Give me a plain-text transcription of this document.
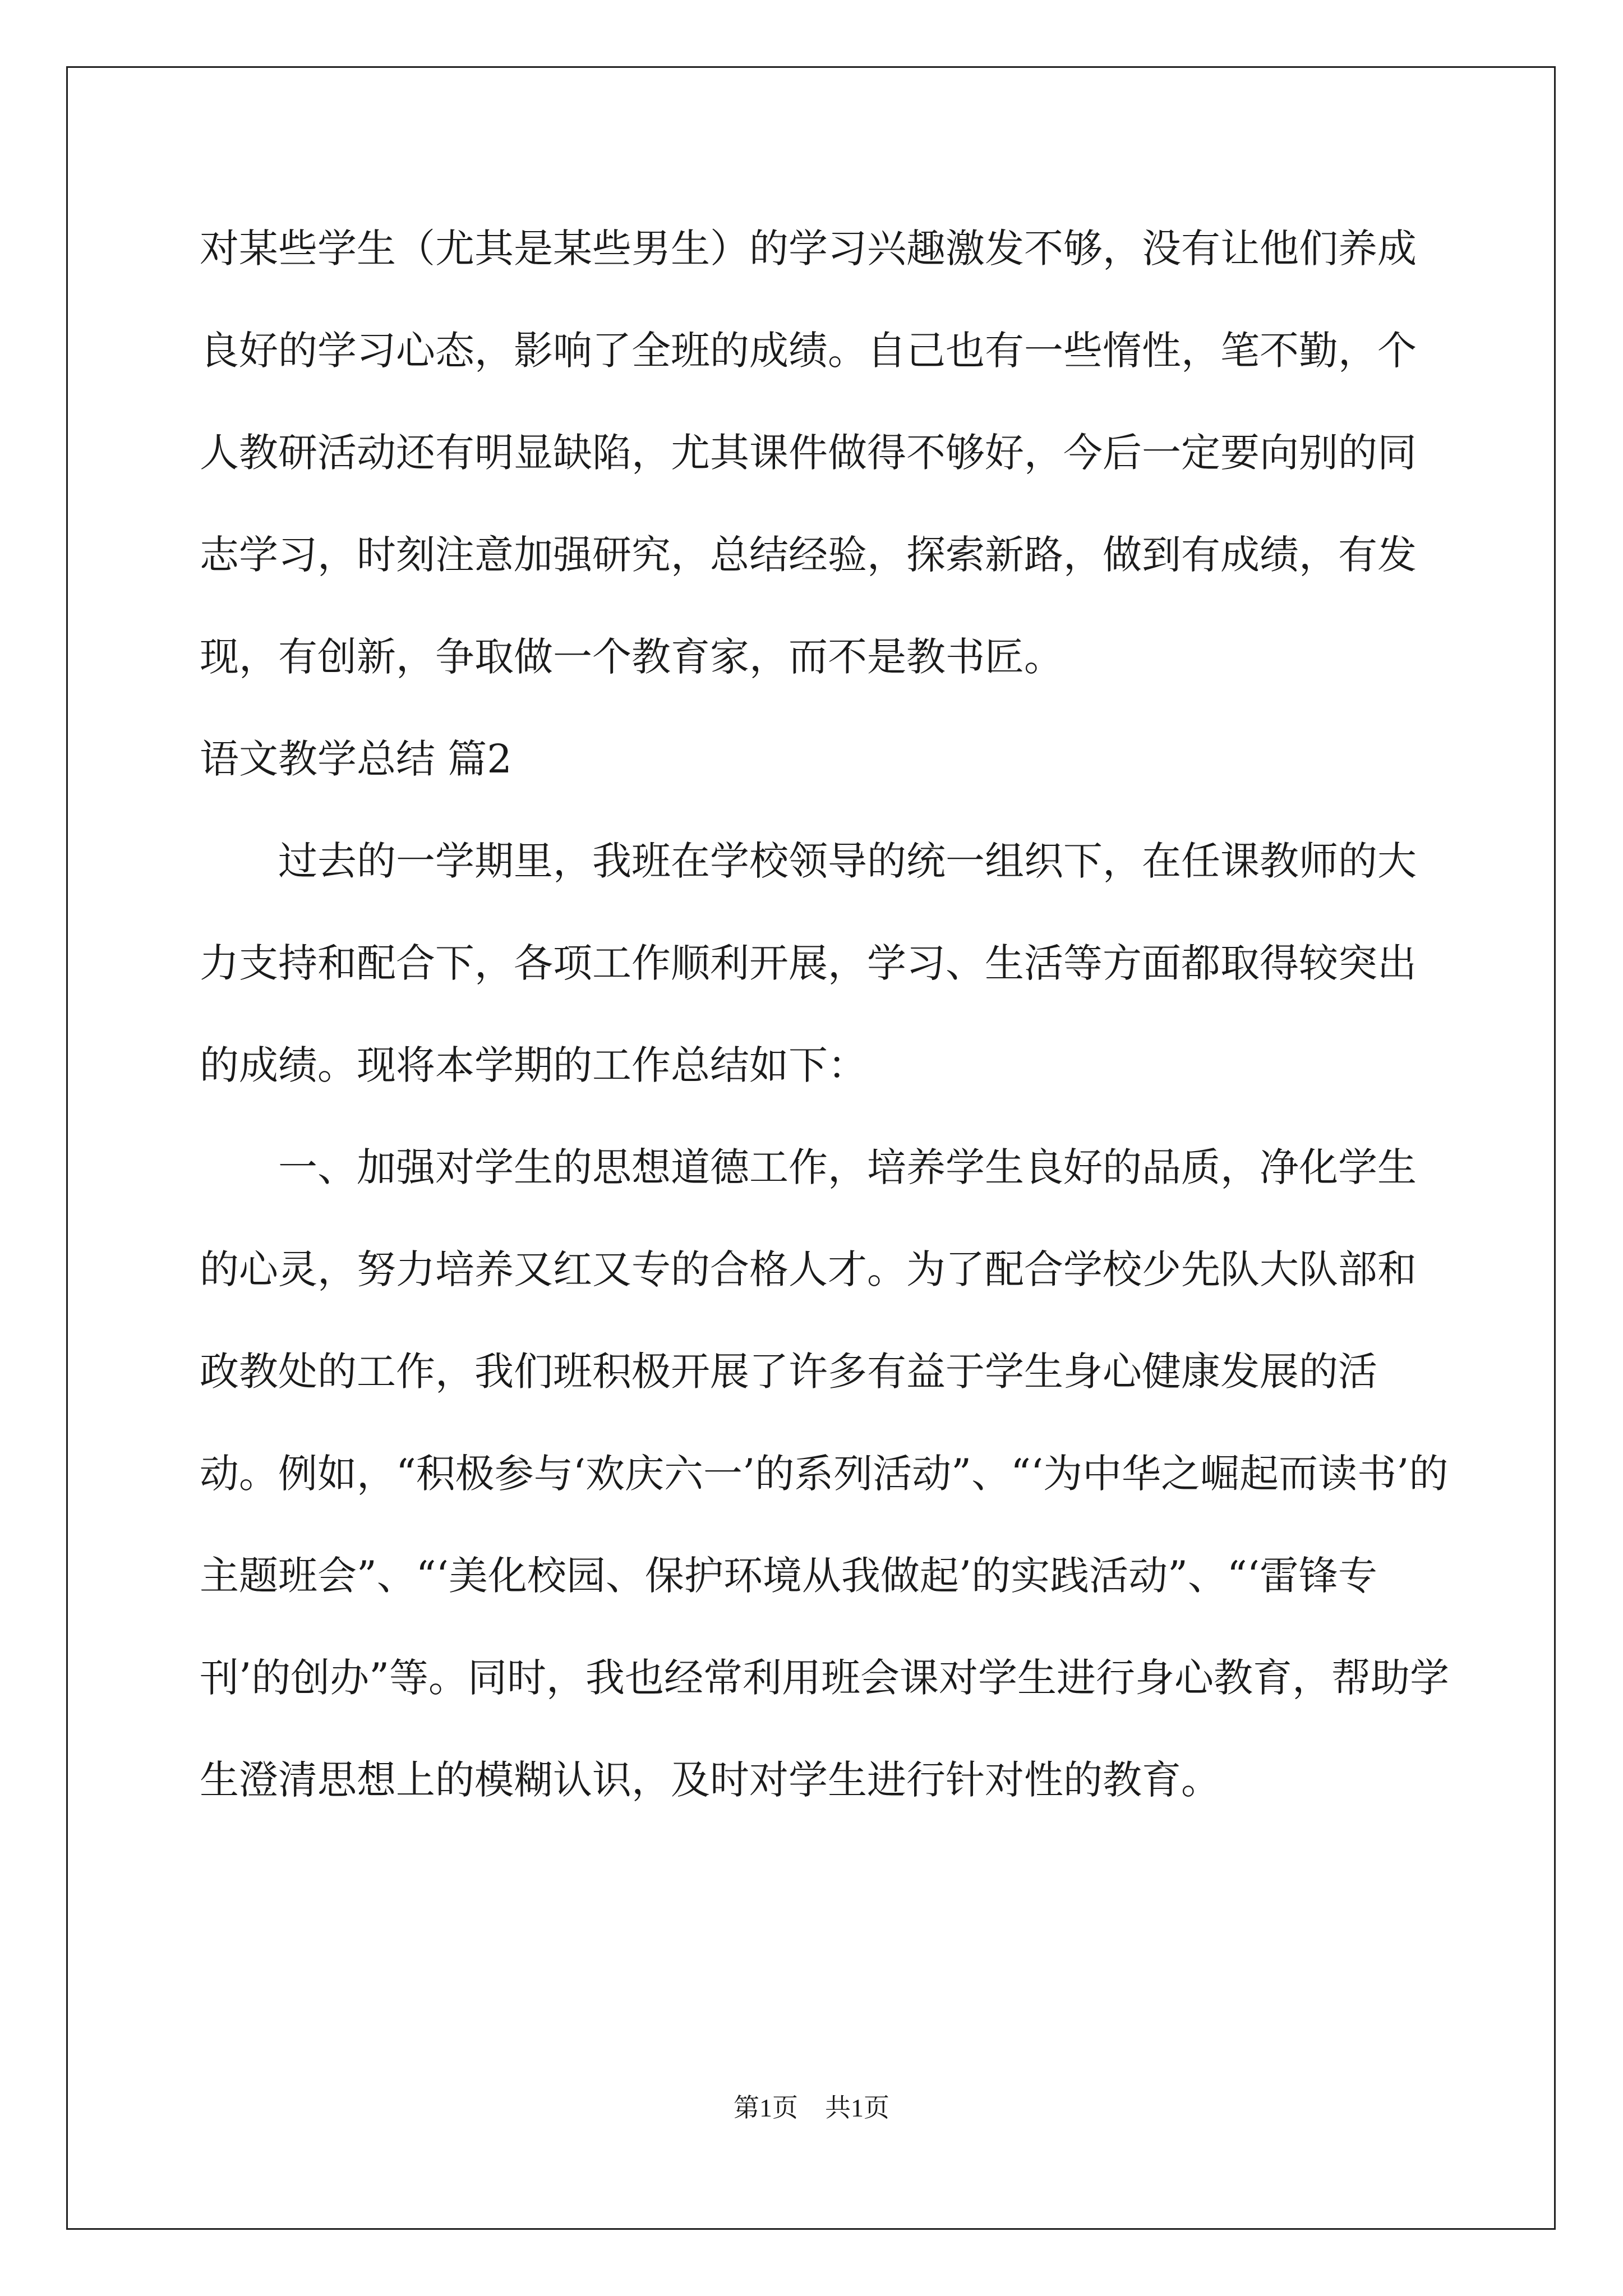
对某些学生（尤其是某些男生）的学习兴趣激发不够，没有让他们养成良好的学习心态，影响了全班的成绩。自己也有一些惰性，笔不勤，个人教研活动还有明显缺陷，尤其课件做得不够好，今后一定要向别的同志学习，时刻注意加强研究，总结经验，探索新路，做到有成绩，有发现，有创新，争取做一个教育家，而不是教书匠。

语文教学总结 篇2

过去的一学期里，我班在学校领导的统一组织下，在任课教师的大力支持和配合下，各项工作顺利开展，学习、生活等方面都取得较突出的成绩。现将本学期的工作总结如下：

一、加强对学生的思想道德工作，培养学生良好的品质，净化学生的心灵，努力培养又红又专的合格人才。为了配合学校少先队大队部和政教处的工作，我们班积极开展了许多有益于学生身心健康发展的活动。例如，“积极参与‘欢庆六一’的系列活动”、“‘为中华之崛起而读书’的主题班会”、“‘美化校园、保护环境从我做起’的实践活动”、“‘雷锋专刊’的创办”等。同时，我也经常利用班会课对学生进行身心教育，帮助学生澄清思想上的模糊认识，及时对学生进行针对性的教育。

第1页 共1页
